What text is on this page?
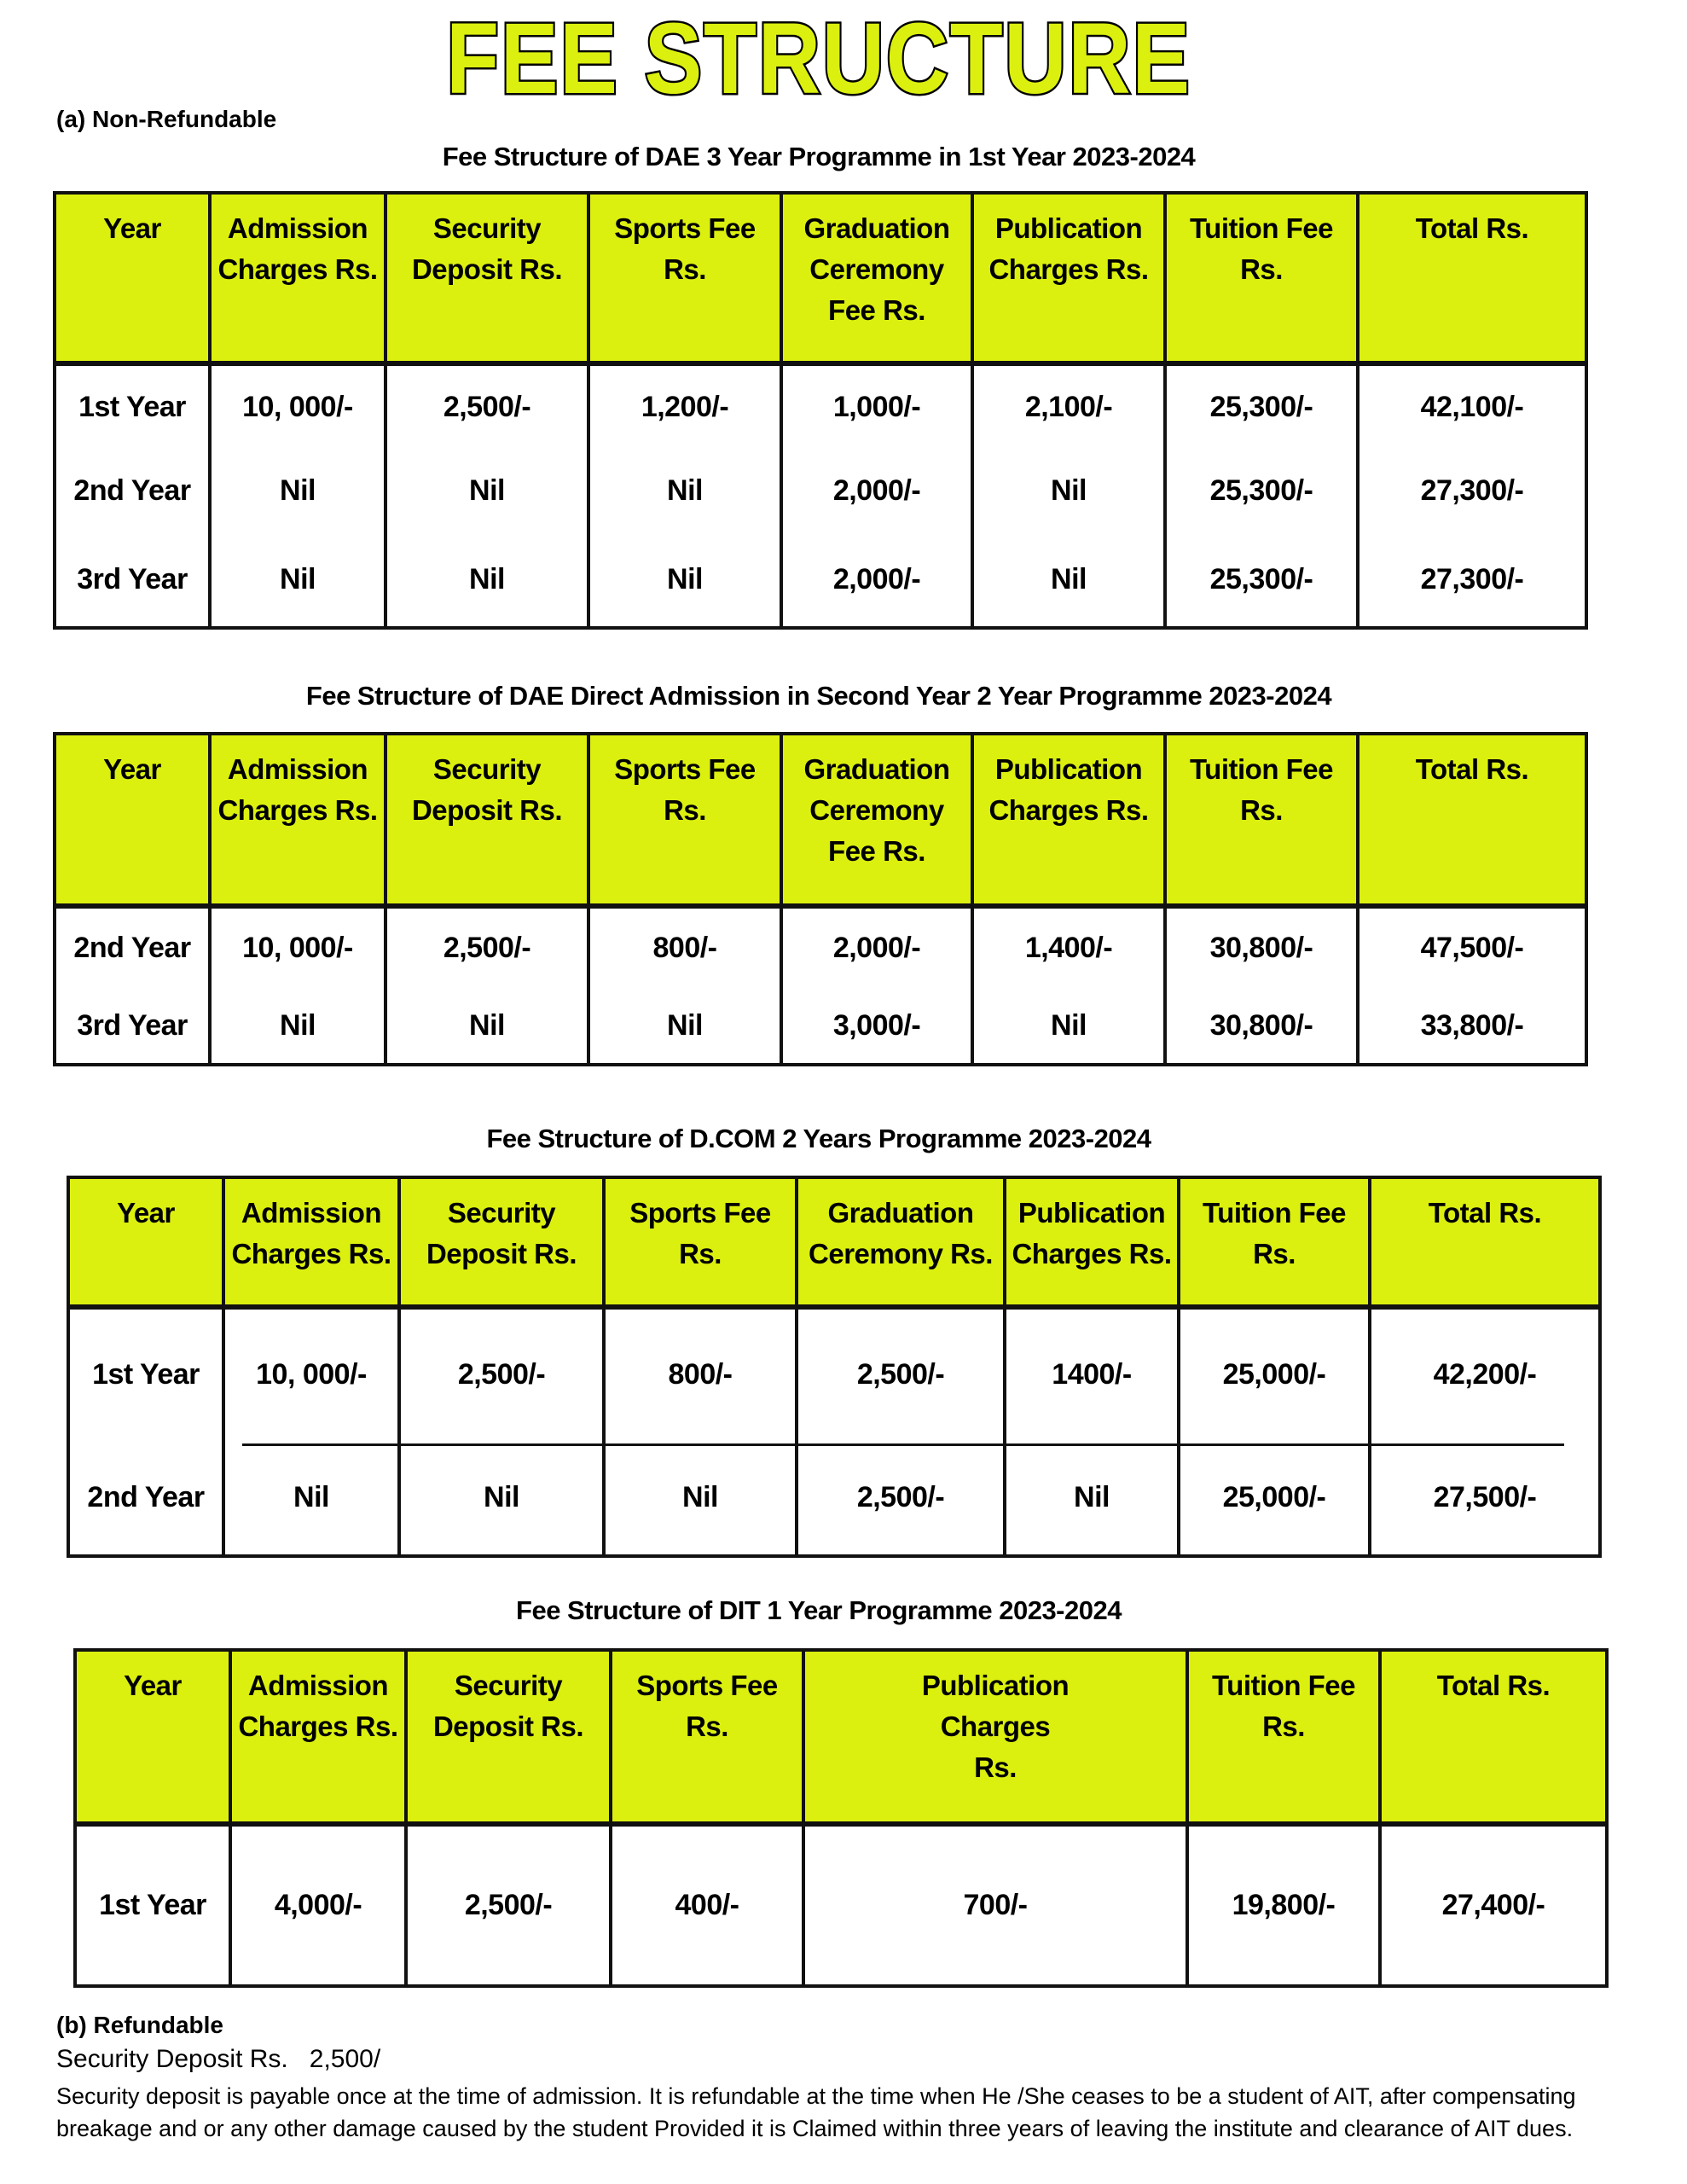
FEE STRUCTURE
(a) Non-Refundable
Fee Structure of DAE 3 Year Programme in 1st Year 2023-2024
Year	Admission Charges Rs.	Security Deposit Rs.	Sports Fee Rs.	Graduation Ceremony Fee Rs.	Publication Charges Rs.	Tuition Fee Rs.	Total Rs.
1st Year	10, 000/-	2,500/-	1,200/-	1,000/-	2,100/-	25,300/-	42,100/-
2nd Year	Nil	Nil	Nil	2,000/-	Nil	25,300/-	27,300/-
3rd Year	Nil	Nil	Nil	2,000/-	Nil	25,300/-	27,300/-
Fee Structure of DAE Direct Admission in Second Year 2 Year Programme 2023-2024
Year	Admission Charges Rs.	Security Deposit Rs.	Sports Fee Rs.	Graduation Ceremony Fee Rs.	Publication Charges Rs.	Tuition Fee Rs.	Total Rs.
2nd Year	10, 000/-	2,500/-	800/-	2,000/-	1,400/-	30,800/-	47,500/-
3rd Year	Nil	Nil	Nil	3,000/-	Nil	30,800/-	33,800/-
Fee Structure of D.COM 2 Years Programme 2023-2024
Year	Admission Charges Rs.	Security Deposit Rs.	Sports Fee Rs.	Graduation Ceremony Rs.	Publication Charges Rs.	Tuition Fee Rs.	Total Rs.
1st Year	10, 000/-	2,500/-	800/-	2,500/-	1400/-	25,000/-	42,200/-
2nd Year	Nil	Nil	Nil	2,500/-	Nil	25,000/-	27,500/-
Fee Structure of DIT 1 Year Programme 2023-2024
Year	Admission Charges Rs.	Security Deposit Rs.	Sports Fee Rs.	Publication Charges Rs.	Tuition Fee Rs.	Total Rs.
1st Year	4,000/-	2,500/-	400/-	700/-	19,800/-	27,400/-
(b) Refundable
Security Deposit Rs.   2,500/
Security deposit is payable once at the time of admission. It is refundable at the time when He /She ceases to be a student of AIT, after compensating breakage and or any other damage caused by the student Provided it is Claimed within three years of leaving the institute and clearance of AIT dues.
